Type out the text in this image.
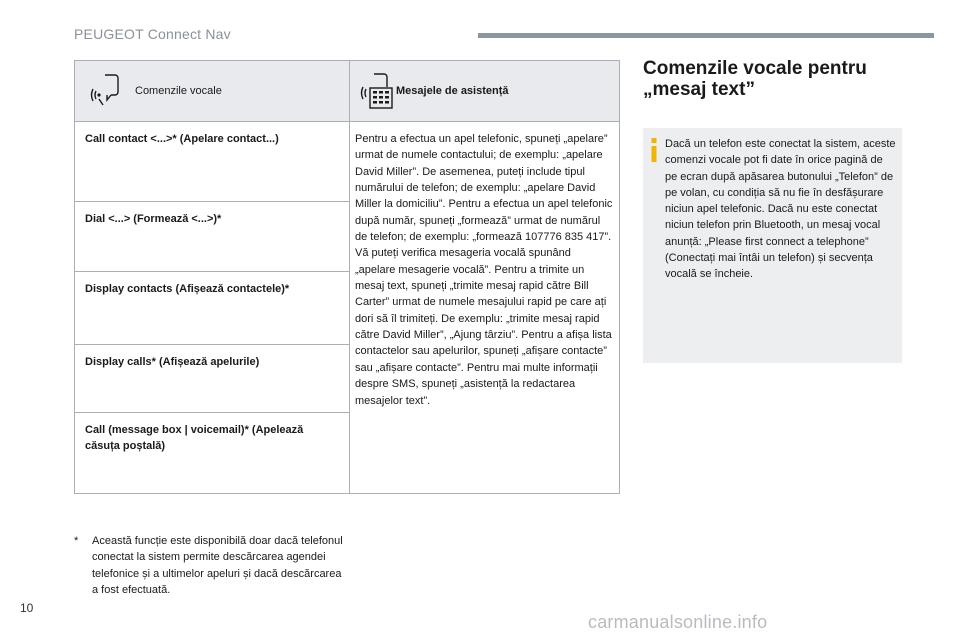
PEUGEOT Connect Nav
Comenzile vocale	Mesajele de asistență
Call contact <...>* (Apelare contact...)
Dial <...> (Formează <...>)*
Display contacts (Afișează contactele)*
Display calls* (Afișează apelurile)
Call (message box | voicemail)* (Apelează căsuța poștală)
Pentru a efectua un apel telefonic, spuneți „apelare” urmat de numele contactului; de exemplu: „apelare David Miller”. De asemenea, puteți include tipul numărului de telefon; de exemplu: „apelare David Miller la domiciliu”. Pentru a efectua un apel telefonic după număr, spuneți „formează” urmat de numărul de telefon; de exemplu: „formează 107776 835 417”. Vă puteți verifica mesageria vocală spunând „apelare mesagerie vocală”. Pentru a trimite un mesaj text, spuneți „trimite mesaj rapid către Bill Carter” urmat de numele mesajului rapid pe care ați dori să îl trimiteți. De exemplu: „trimite mesaj rapid către David Miller”, „Ajung târziu”. Pentru a afișa lista contactelor sau apelurilor, spuneți „afișare contacte” sau „afișare contacte”. Pentru mai multe informații despre SMS, spuneți „asistență la redactarea mesajelor text”.
* Această funcție este disponibilă doar dacă telefonul conectat la sistem permite descărcarea agendei telefonice și a ultimelor apeluri și dacă descărcarea a fost efectuată.
10
Comenzile vocale pentru „mesaj text”
Dacă un telefon este conectat la sistem, aceste comenzi vocale pot fi date în orice pagină de pe ecran după apăsarea butonului „Telefon” de pe volan, cu condiția să nu fie în desfășurare niciun apel telefonic. Dacă nu este conectat niciun telefon prin Bluetooth, un mesaj vocal anunță: „Please first connect a telephone” (Conectați mai întâi un telefon) și secvența vocală se încheie.
carmanualsonline.info
